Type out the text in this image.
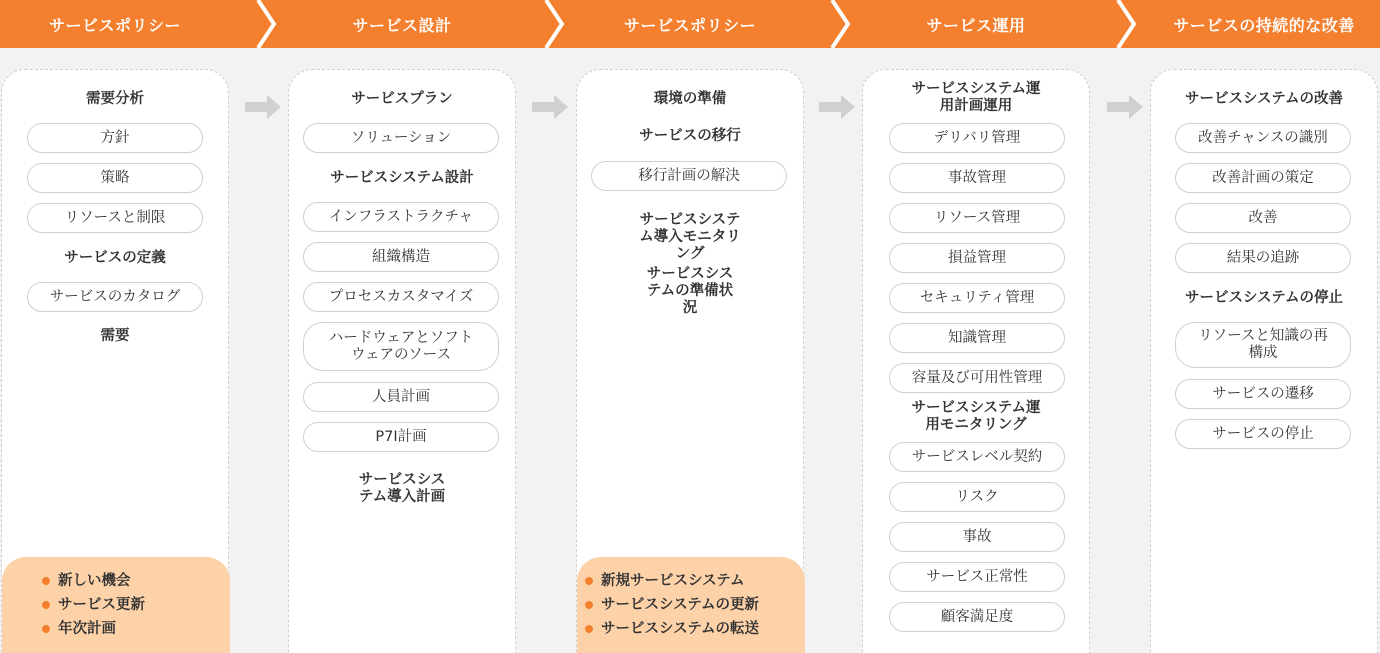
サービスポリシー	サービス設計	サービスポリシー	サービス運用	サービスの持続的な改善
需要分析
方針
策略
リソースと制限
サービスの定義
サービスのカタログ
需要
新しい機会
サービス更新
年次計画
サービスプラン
ソリューション
サービスシステム設計
インフラストラクチャ
組織構造
プロセスカスタマイズ
ハードウェアとソフトウェアのソース
人員計画
P7I計画
サービスシステム導入計画
環境の準備
サービスの移行
移行計画の解決
サービスシステム導入モニタリング
サービスシステムの準備状況
新規サービスシステム
サービスシステムの更新
サービスシステムの転送
サービスシステム運用計画運用
デリバリ管理
事故管理
リソース管理
損益管理
セキュリティ管理
知識管理
容量及び可用性管理
サービスシステム運用モニタリング
サービスレベル契約
リスク
事故
サービス正常性
顧客満足度
サービスシステムの改善
改善チャンスの識別
改善計画の策定
改善
結果の追跡
サービスシステムの停止
リソースと知識の再構成
サービスの遷移
サービスの停止
